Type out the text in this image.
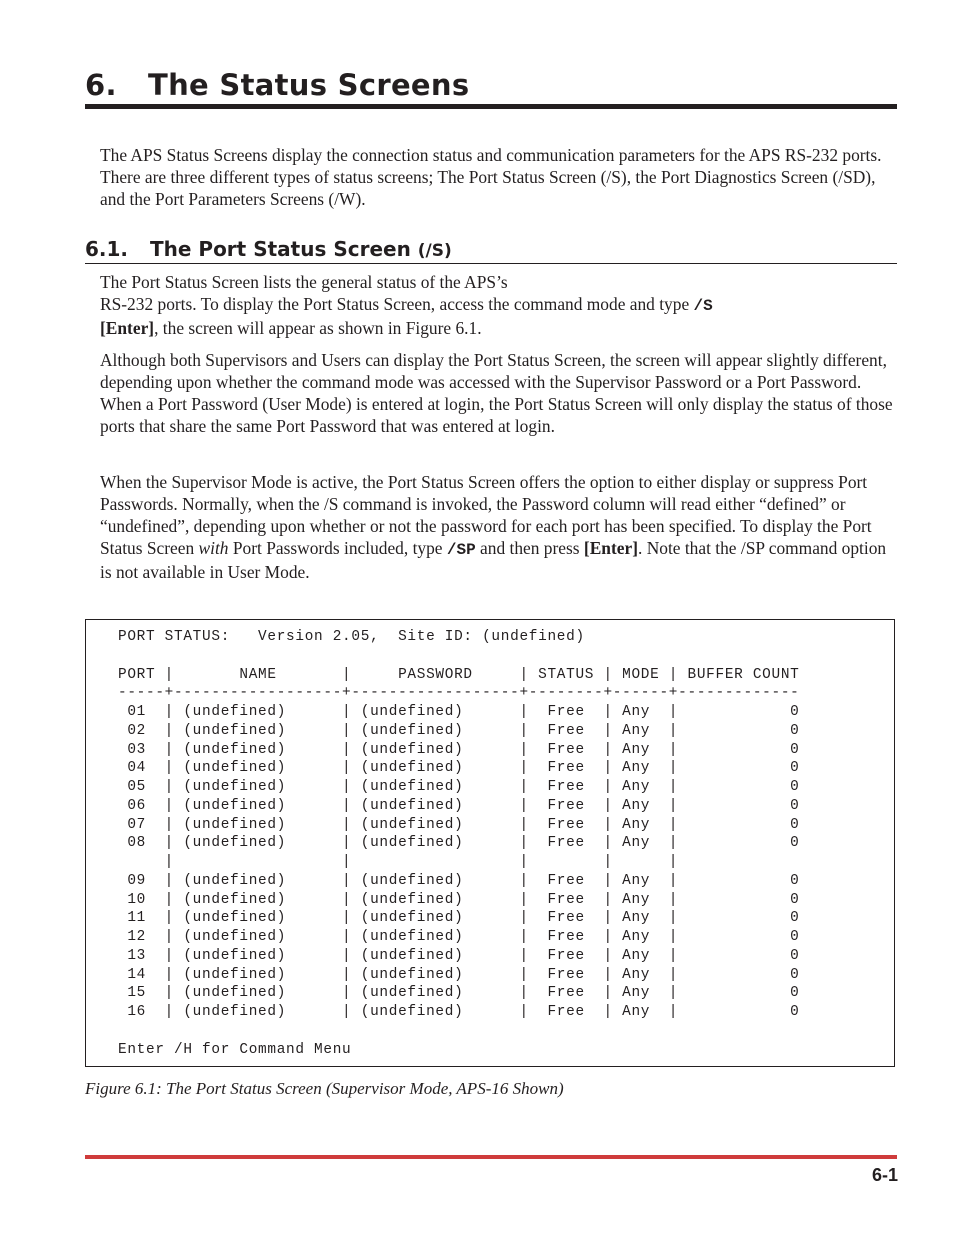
6. The Status Screens

The APS Status Screens display the connection status and communication parameters for the APS RS-232 ports. There are three different types of status screens; The Port Status Screen (/S), the Port Diagnostics Screen (/SD), and the Port Parameters Screens (/W).

6.1. The Port Status Screen (/S)

The Port Status Screen lists the general status of the APS’s
RS-232 ports. To display the Port Status Screen, access the command mode and type /S
[Enter], the screen will appear as shown in Figure 6.1.

Although both Supervisors and Users can display the Port Status Screen, the screen will appear slightly different, depending upon whether the command mode was accessed with the Supervisor Password or a Port Password. When a Port Password (User Mode) is entered at login, the Port Status Screen will only display the status of those ports that share the same Port Password that was entered at login.

When the Supervisor Mode is active, the Port Status Screen offers the option to either display or suppress Port Passwords. Normally, when the /S command is invoked, the Password column will read either “defined” or “undefined”, depending upon whether or not the password for each port has been specified. To display the Port Status Screen with Port Passwords included, type /SP and then press [Enter]. Note that the /SP command option is not available in User Mode.

PORT STATUS:   Version 2.05,  Site ID: (undefined)

PORT |       NAME       |     PASSWORD     | STATUS | MODE | BUFFER COUNT
-----+------------------+------------------+--------+------+-------------
01  | (undefined)      | (undefined)      |  Free  | Any  |            0
02  | (undefined)      | (undefined)      |  Free  | Any  |            0
03  | (undefined)      | (undefined)      |  Free  | Any  |            0
04  | (undefined)      | (undefined)      |  Free  | Any  |            0
05  | (undefined)      | (undefined)      |  Free  | Any  |            0
06  | (undefined)      | (undefined)      |  Free  | Any  |            0
07  | (undefined)      | (undefined)      |  Free  | Any  |            0
08  | (undefined)      | (undefined)      |  Free  | Any  |            0
|                  |                  |        |      |
09  | (undefined)      | (undefined)      |  Free  | Any  |            0
10  | (undefined)      | (undefined)      |  Free  | Any  |            0
11  | (undefined)      | (undefined)      |  Free  | Any  |            0
12  | (undefined)      | (undefined)      |  Free  | Any  |            0
13  | (undefined)      | (undefined)      |  Free  | Any  |            0
14  | (undefined)      | (undefined)      |  Free  | Any  |            0
15  | (undefined)      | (undefined)      |  Free  | Any  |            0
16  | (undefined)      | (undefined)      |  Free  | Any  |            0

Enter /H for Command Menu

Figure 6.1: The Port Status Screen (Supervisor Mode, APS-16 Shown)

6-1
